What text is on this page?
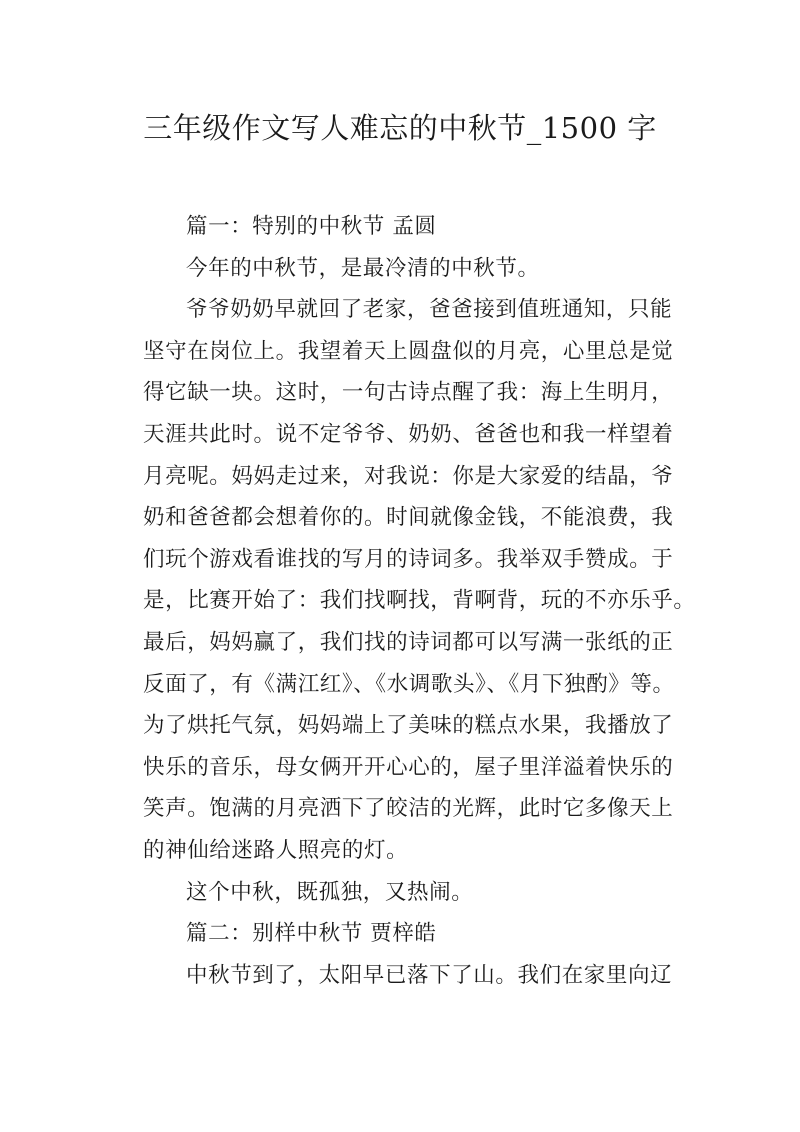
三年级作文写人难忘的中秋节_1500 字
篇一：特别的中秋节 孟圆
今年的中秋节，是最冷清的中秋节。
爷爷奶奶早就回了老家，爸爸接到值班通知，只能
坚守在岗位上。我望着天上圆盘似的月亮，心里总是觉
得它缺一块。这时，一句古诗点醒了我：海上生明月，
天涯共此时。说不定爷爷、奶奶、爸爸也和我一样望着
月亮呢。妈妈走过来，对我说：你是大家爱的结晶，爷
奶和爸爸都会想着你的。时间就像金钱，不能浪费，我
们玩个游戏看谁找的写月的诗词多。我举双手赞成。于
是，比赛开始了：我们找啊找，背啊背，玩的不亦乐乎。
最后，妈妈赢了，我们找的诗词都可以写满一张纸的正
反面了，有《满江红》、《水调歌头》、《月下独酌》等。
为了烘托气氛，妈妈端上了美味的糕点水果，我播放了
快乐的音乐，母女俩开开心心的，屋子里洋溢着快乐的
笑声。饱满的月亮洒下了皎洁的光辉，此时它多像天上
的神仙给迷路人照亮的灯。
这个中秋，既孤独，又热闹。
篇二：别样中秋节 贾梓皓
中秋节到了，太阳早已落下了山。我们在家里向辽
